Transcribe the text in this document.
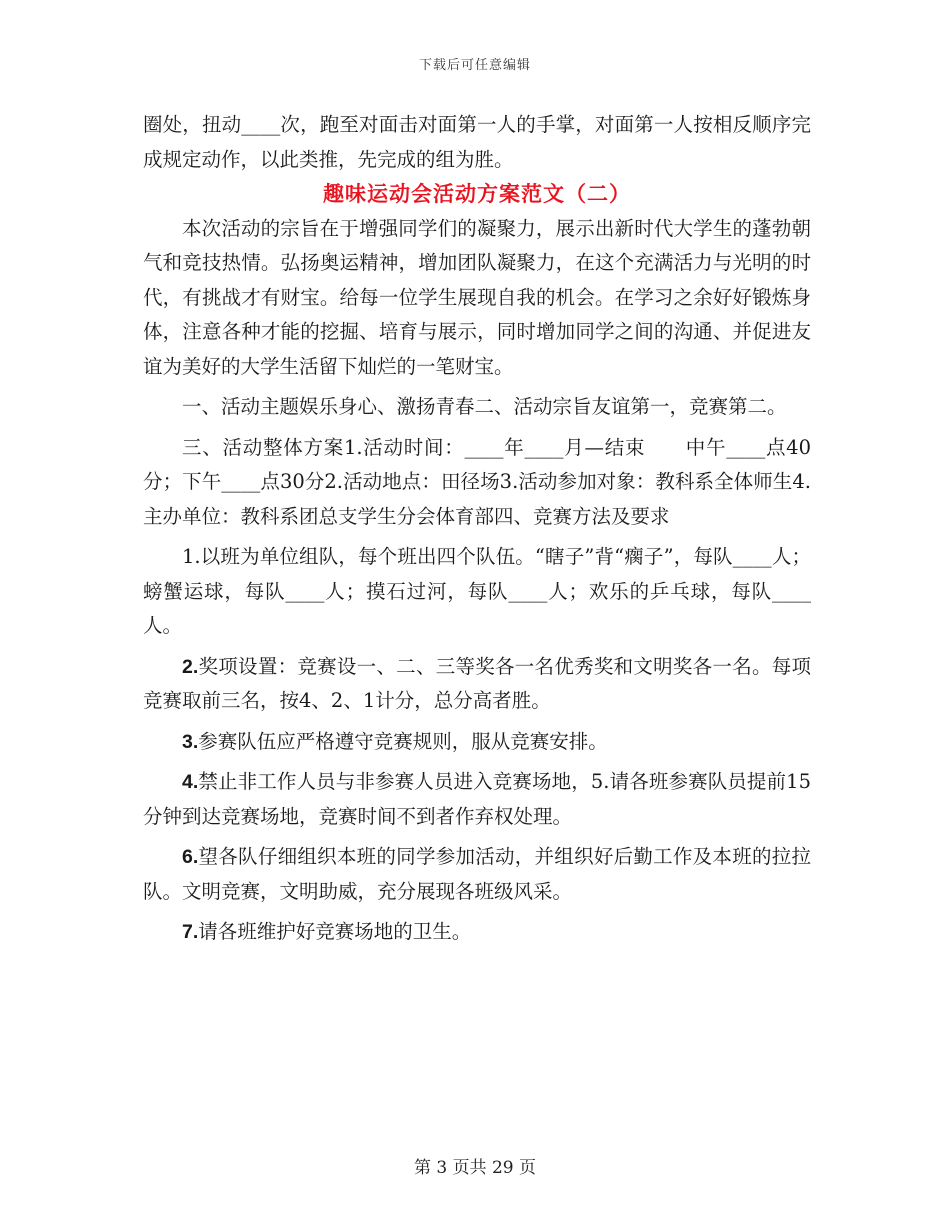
下载后可任意编辑

圈处，扭动____次，跑至对面击对面第一人的手掌，对面第一人按相反顺序完成规定动作，以此类推，先完成的组为胜。

趣味运动会活动方案范文（二）

本次活动的宗旨在于增强同学们的凝聚力，展示出新时代大学生的蓬勃朝气和竞技热情。弘扬奥运精神，增加团队凝聚力，在这个充满活力与光明的时代，有挑战才有财宝。给每一位学生展现自我的机会。在学习之余好好锻炼身体，注意各种才能的挖掘、培育与展示，同时增加同学之间的沟通、并促进友谊为美好的大学生活留下灿烂的一笔财宝。

一、活动主题娱乐身心、激扬青春二、活动宗旨友谊第一，竞赛第二。

三、活动整体方案1.活动时间：____年____月—结束　　中午____点40分；下午____点30分2.活动地点：田径场3.活动参加对象：教科系全体师生4.主办单位：教科系团总支学生分会体育部四、竞赛方法及要求

1.以班为单位组队，每个班出四个队伍。“瞎子”背“瘸子”，每队____人；螃蟹运球，每队____人；摸石过河，每队____人；欢乐的乒乓球，每队____人。

2.奖项设置：竞赛设一、二、三等奖各一名优秀奖和文明奖各一名。每项竞赛取前三名，按4、2、1计分，总分高者胜。

3.参赛队伍应严格遵守竞赛规则，服从竞赛安排。

4.禁止非工作人员与非参赛人员进入竞赛场地，5.请各班参赛队员提前15分钟到达竞赛场地，竞赛时间不到者作弃权处理。

6.望各队仔细组织本班的同学参加活动，并组织好后勤工作及本班的拉拉队。文明竞赛，文明助威，充分展现各班级风采。

7.请各班维护好竞赛场地的卫生。

第 3 页共 29 页
